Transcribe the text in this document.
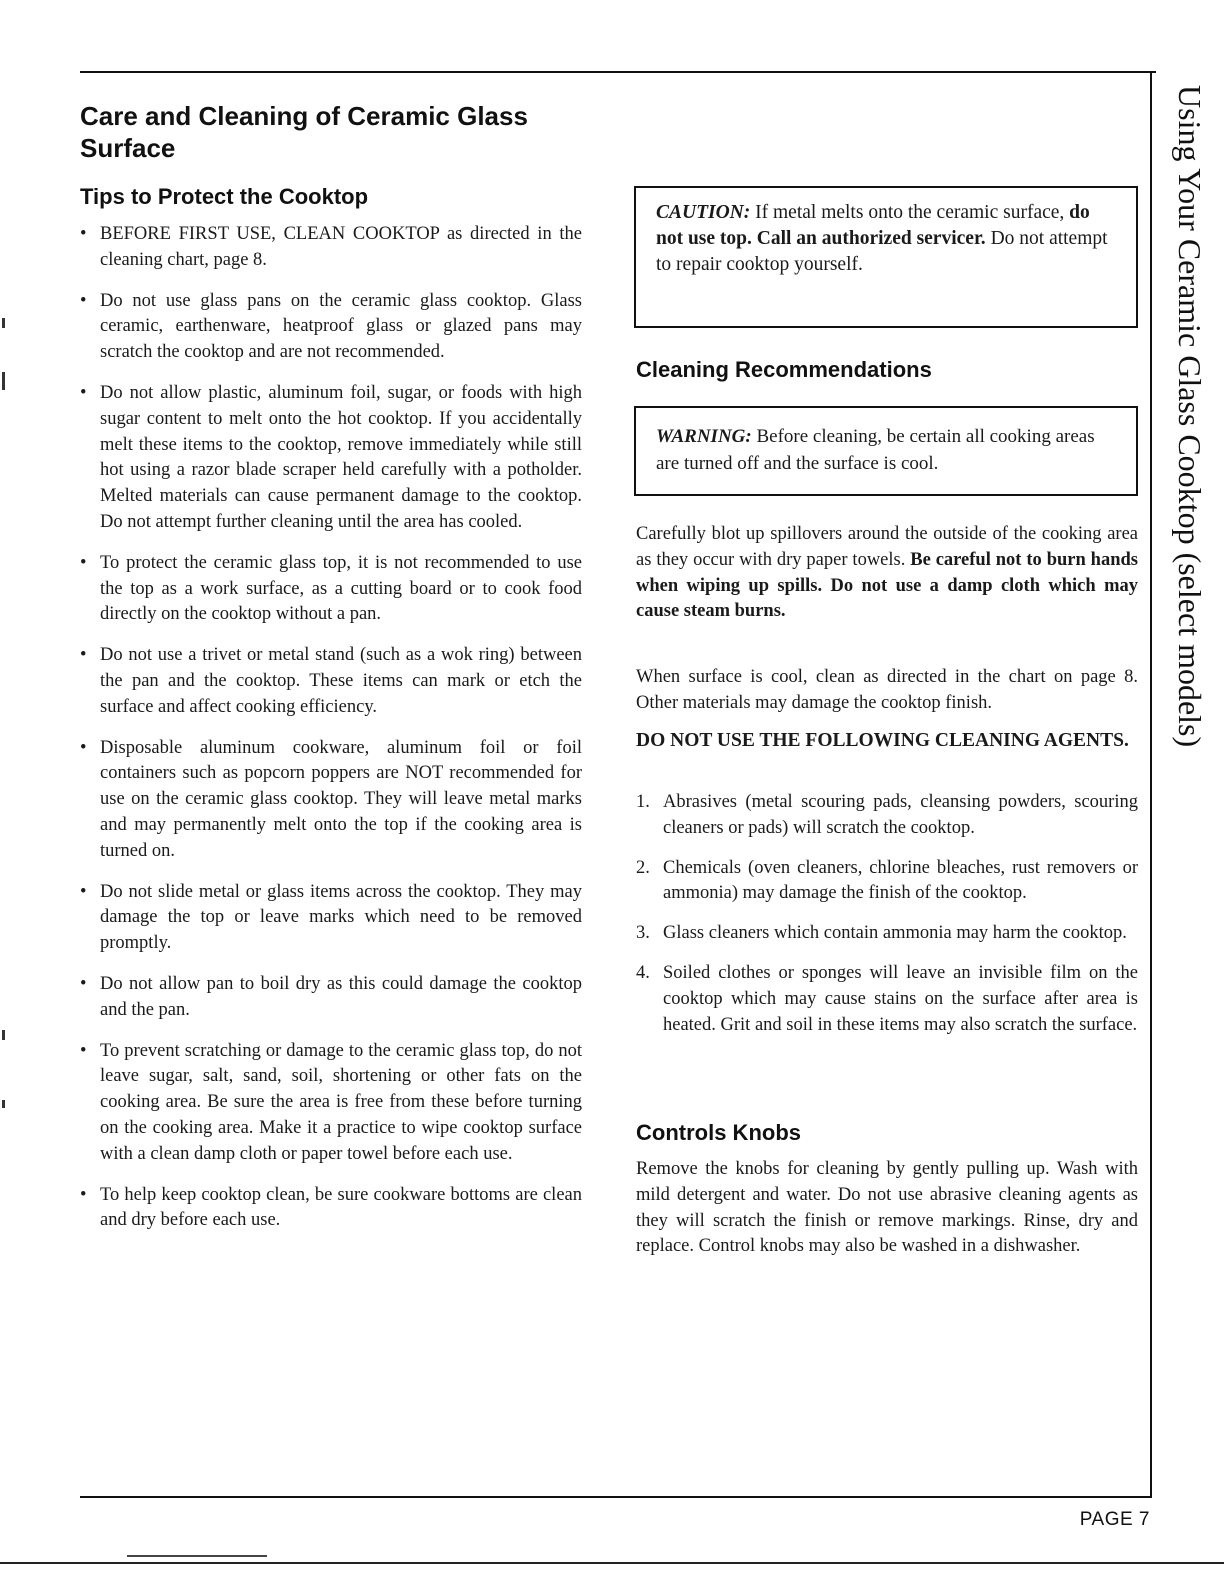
Care and Cleaning of Ceramic Glass Surface
Tips to Protect the Cooktop
• BEFORE FIRST USE, CLEAN COOKTOP as directed in the cleaning chart, page 8.
• Do not use glass pans on the ceramic glass cooktop. Glass ceramic, earthenware, heatproof glass or glazed pans may scratch the cooktop and are not recommended.
• Do not allow plastic, aluminum foil, sugar, or foods with high sugar content to melt onto the hot cooktop. If you accidentally melt these items to the cooktop, remove immediately while still hot using a razor blade scraper held carefully with a potholder. Melted materials can cause permanent damage to the cooktop. Do not attempt further cleaning until the area has cooled.
• To protect the ceramic glass top, it is not recommended to use the top as a work surface, as a cutting board or to cook food directly on the cooktop without a pan.
• Do not use a trivet or metal stand (such as a wok ring) between the pan and the cooktop. These items can mark or etch the surface and affect cooking efficiency.
• Disposable aluminum cookware, aluminum foil or foil containers such as popcorn poppers are NOT recommended for use on the ceramic glass cooktop. They will leave metal marks and may permanently melt onto the top if the cooking area is turned on.
• Do not slide metal or glass items across the cooktop. They may damage the top or leave marks which need to be removed promptly.
• Do not allow pan to boil dry as this could damage the cooktop and the pan.
• To prevent scratching or damage to the ceramic glass top, do not leave sugar, salt, sand, soil, shortening or other fats on the cooking area. Be sure the area is free from these before turning on the cooking area. Make it a practice to wipe cooktop surface with a clean damp cloth or paper towel before each use.
• To help keep cooktop clean, be sure cookware bottoms are clean and dry before each use.
CAUTION: If metal melts onto the ceramic surface, do not use top. Call an authorized servicer. Do not attempt to repair cooktop yourself.
Cleaning Recommendations
WARNING: Before cleaning, be certain all cooking areas are turned off and the surface is cool.

Carefully blot up spillovers around the outside of the cooking area as they occur with dry paper towels. Be careful not to burn hands when wiping up spills. Do not use a damp cloth which may cause steam burns.

When surface is cool, clean as directed in the chart on page 8. Other materials may damage the cooktop finish.

DO NOT USE THE FOLLOWING CLEANING AGENTS.
1. Abrasives (metal scouring pads, cleansing powders, scouring cleaners or pads) will scratch the cooktop.
2. Chemicals (oven cleaners, chlorine bleaches, rust removers or ammonia) may damage the finish of the cooktop.
3. Glass cleaners which contain ammonia may harm the cooktop.
4. Soiled clothes or sponges will leave an invisible film on the cooktop which may cause stains on the surface after area is heated. Grit and soil in these items may also scratch the surface.
Controls Knobs

Remove the knobs for cleaning by gently pulling up. Wash with mild detergent and water. Do not use abrasive cleaning agents as they will scratch the finish or remove markings. Rinse, dry and replace. Control knobs may also be washed in a dishwasher.

Using Your Ceramic Glass Cooktop (select models)
PAGE 7
